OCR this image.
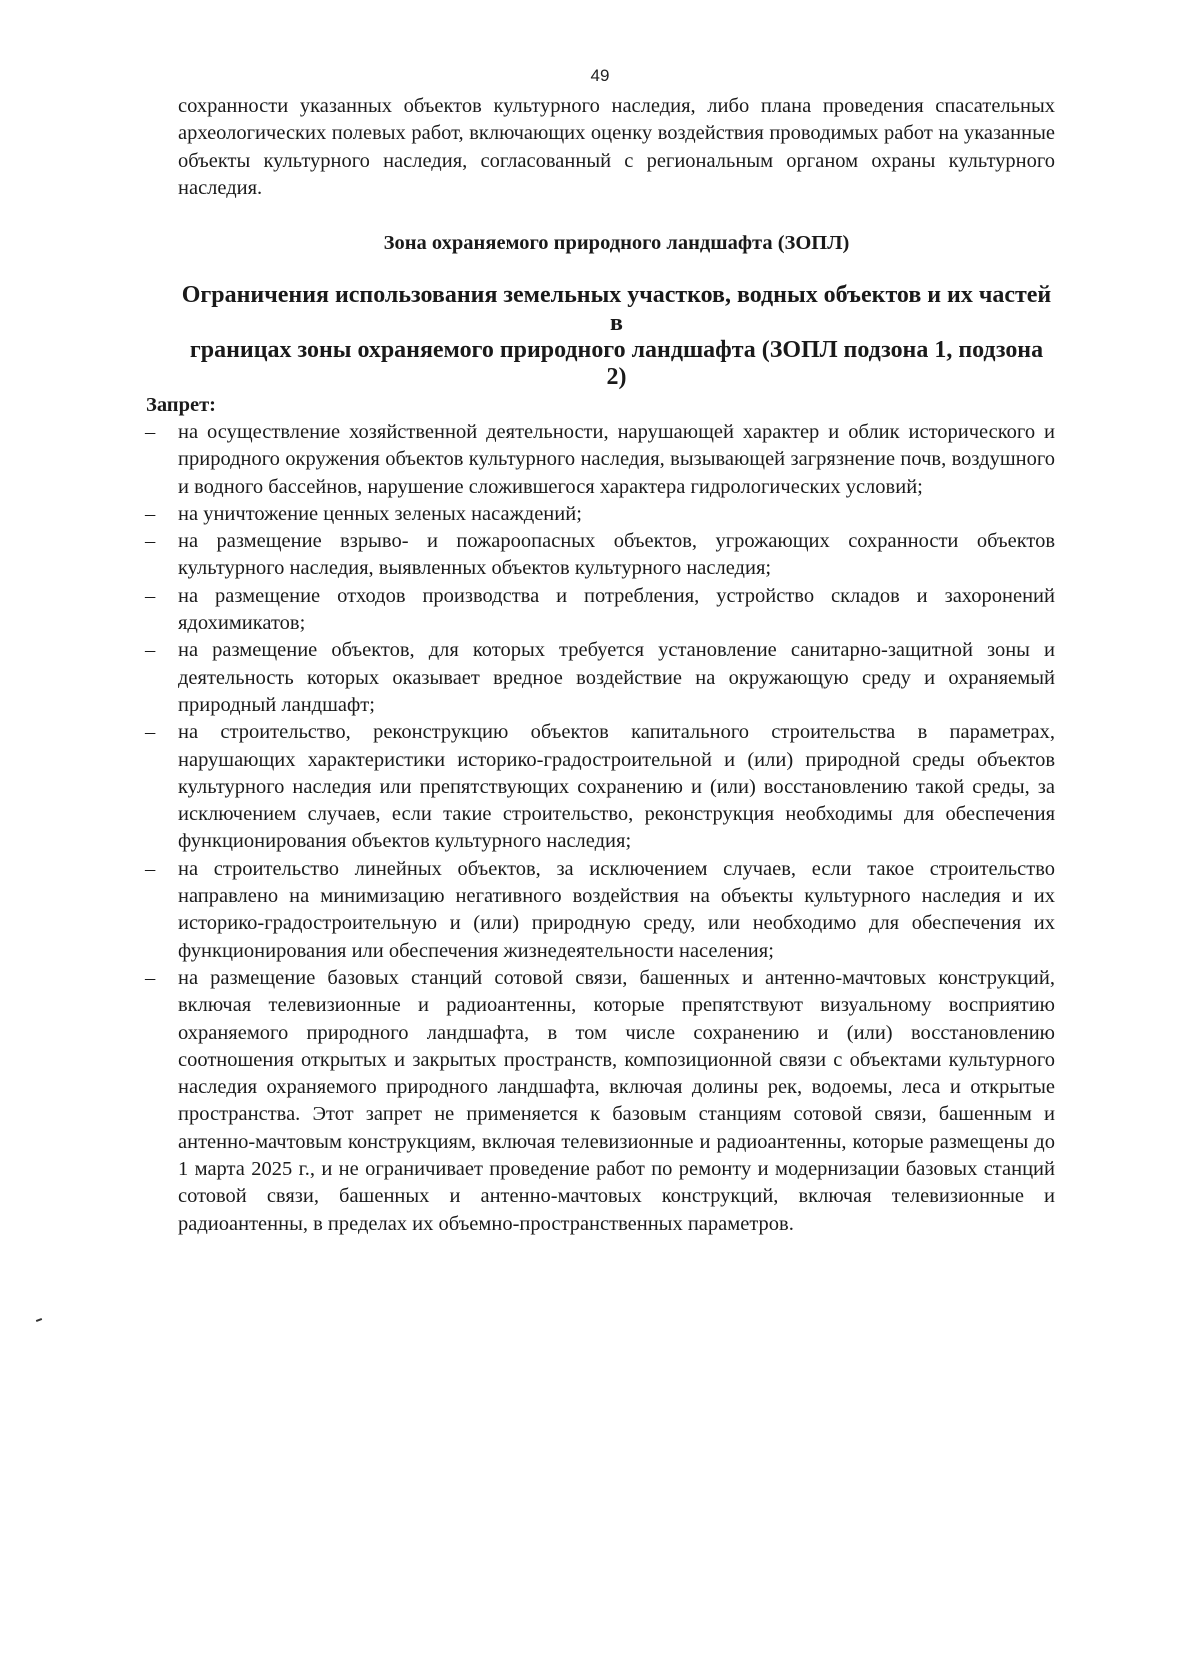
49

сохранности указанных объектов культурного наследия, либо плана проведения спасательных археологических полевых работ, включающих оценку воздействия проводимых работ на указанные объекты культурного наследия, согласованный с региональным органом охраны культурного наследия.

Зона охраняемого природного ландшафта (ЗОПЛ)
Ограничения использования земельных участков, водных объектов и их частей в
границах зоны охраняемого природного ландшафта (ЗОПЛ подзона 1, подзона 2)
Запрет:
– на осуществление хозяйственной деятельности, нарушающей характер и облик исторического и природного окружения объектов культурного наследия, вызывающей загрязнение почв, воздушного и водного бассейнов, нарушение сложившегося характера гидрологических условий;
– на уничтожение ценных зеленых насаждений;
– на размещение взрыво- и пожароопасных объектов, угрожающих сохранности объектов культурного наследия, выявленных объектов культурного наследия;
– на размещение отходов производства и потребления, устройство складов и захоронений ядохимикатов;
– на размещение объектов, для которых требуется установление санитарно-защитной зоны и деятельность которых оказывает вредное воздействие на окружающую среду и охраняемый природный ландшафт;
– на строительство, реконструкцию объектов капитального строительства в параметрах, нарушающих характеристики историко-градостроительной и (или) природной среды объектов культурного наследия или препятствующих сохранению и (или) восстановлению такой среды, за исключением случаев, если такие строительство, реконструкция необходимы для обеспечения функционирования объектов культурного наследия;
– на строительство линейных объектов, за исключением случаев, если такое строительство направлено на минимизацию негативного воздействия на объекты культурного наследия и их историко-градостроительную и (или) природную среду, или необходимо для обеспечения их функционирования или обеспечения жизнедеятельности населения;
– на размещение базовых станций сотовой связи, башенных и антенно-мачтовых конструкций, включая телевизионные и радиоантенны, которые препятствуют визуальному восприятию охраняемого природного ландшафта, в том числе сохранению и (или) восстановлению соотношения открытых и закрытых пространств, композиционной связи с объектами культурного наследия охраняемого природного ландшафта, включая долины рек, водоемы, леса и открытые пространства. Этот запрет не применяется к базовым станциям сотовой связи, башенным и антенно-мачтовым конструкциям, включая телевизионные и радиоантенны, которые размещены до 1 марта 2025 г., и не ограничивает проведение работ по ремонту и модернизации базовых станций сотовой связи, башенных и антенно-мачтовых конструкций, включая телевизионные и радиоантенны, в пределах их объемно-пространственных параметров.
